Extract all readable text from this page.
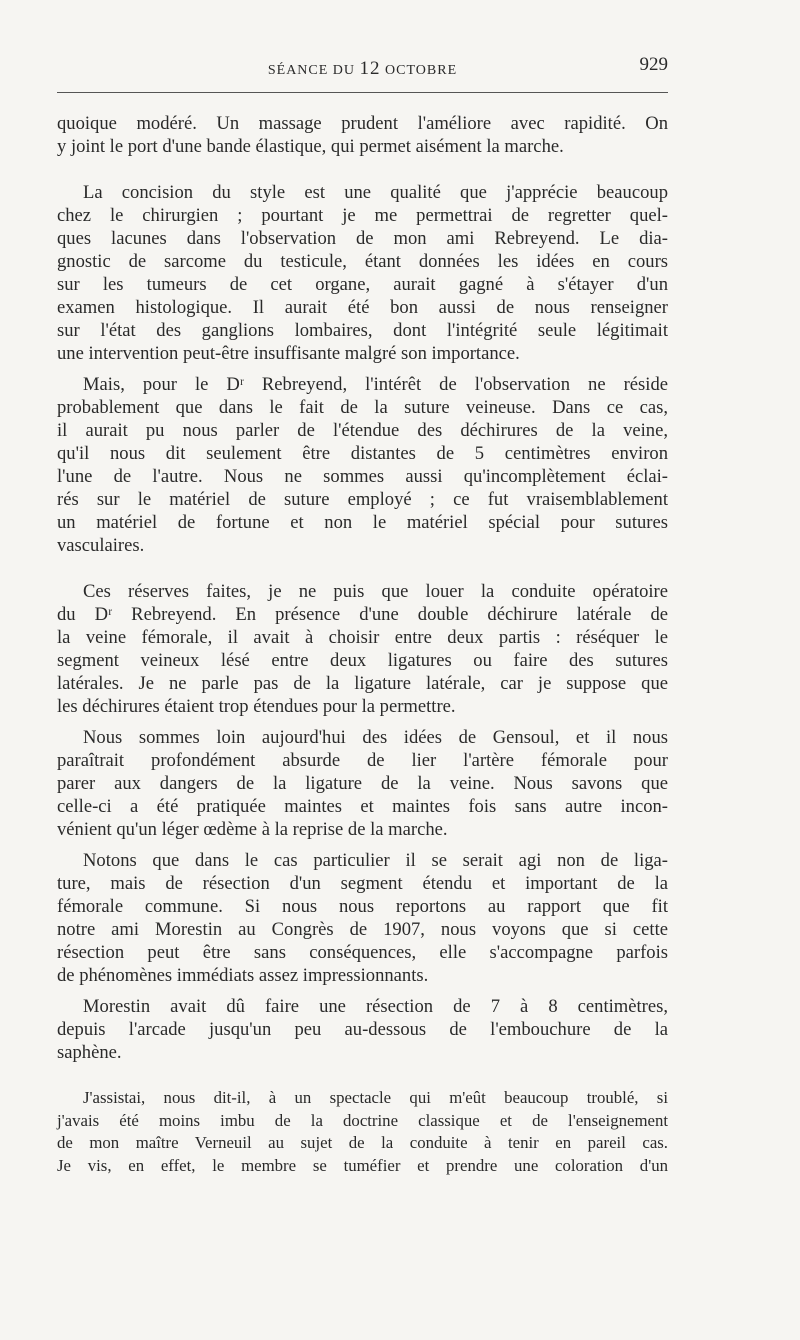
SÉANCE DU 12 OCTOBRE	929
quoique modéré. Un massage prudent l'améliore avec rapidité. On
y joint le port d'une bande élastique, qui permet aisément la marche.
La concision du style est une qualité que j'apprécie beaucoup
chez le chirurgien ; pourtant je me permettrai de regretter quel-
ques lacunes dans l'observation de mon ami Rebreyend. Le dia-
gnostic de sarcome du testicule, étant données les idées en cours
sur les tumeurs de cet organe, aurait gagné à s'étayer d'un
examen histologique. Il aurait été bon aussi de nous renseigner
sur l'état des ganglions lombaires, dont l'intégrité seule légitimait
une intervention peut-être insuffisante malgré son importance.
Mais, pour le Dʳ Rebreyend, l'intérêt de l'observation ne réside
probablement que dans le fait de la suture veineuse. Dans ce cas,
il aurait pu nous parler de l'étendue des déchirures de la veine,
qu'il nous dit seulement être distantes de 5 centimètres environ
l'une de l'autre. Nous ne sommes aussi qu'incomplètement éclai-
rés sur le matériel de suture employé ; ce fut vraisemblablement
un matériel de fortune et non le matériel spécial pour sutures
vasculaires.
Ces réserves faites, je ne puis que louer la conduite opératoire
du Dʳ Rebreyend. En présence d'une double déchirure latérale de
la veine fémorale, il avait à choisir entre deux partis : réséquer le
segment veineux lésé entre deux ligatures ou faire des sutures
latérales. Je ne parle pas de la ligature latérale, car je suppose que
les déchirures étaient trop étendues pour la permettre.
Nous sommes loin aujourd'hui des idées de Gensoul, et il nous
paraîtrait profondément absurde de lier l'artère fémorale pour
parer aux dangers de la ligature de la veine. Nous savons que
celle-ci a été pratiquée maintes et maintes fois sans autre incon-
vénient qu'un léger œdème à la reprise de la marche.
Notons que dans le cas particulier il se serait agi non de liga-
ture, mais de résection d'un segment étendu et important de la
fémorale commune. Si nous nous reportons au rapport que fit
notre ami Morestin au Congrès de 1907, nous voyons que si cette
résection peut être sans conséquences, elle s'accompagne parfois
de phénomènes immédiats assez impressionnants.
Morestin avait dû faire une résection de 7 à 8 centimètres,
depuis l'arcade jusqu'un peu au-dessous de l'embouchure de la
saphène.
J'assistai, nous dit-il, à un spectacle qui m'eût beaucoup troublé, si
j'avais été moins imbu de la doctrine classique et de l'enseignement
de mon maître Verneuil au sujet de la conduite à tenir en pareil cas.
Je vis, en effet, le membre se tuméfier et prendre une coloration d'un
